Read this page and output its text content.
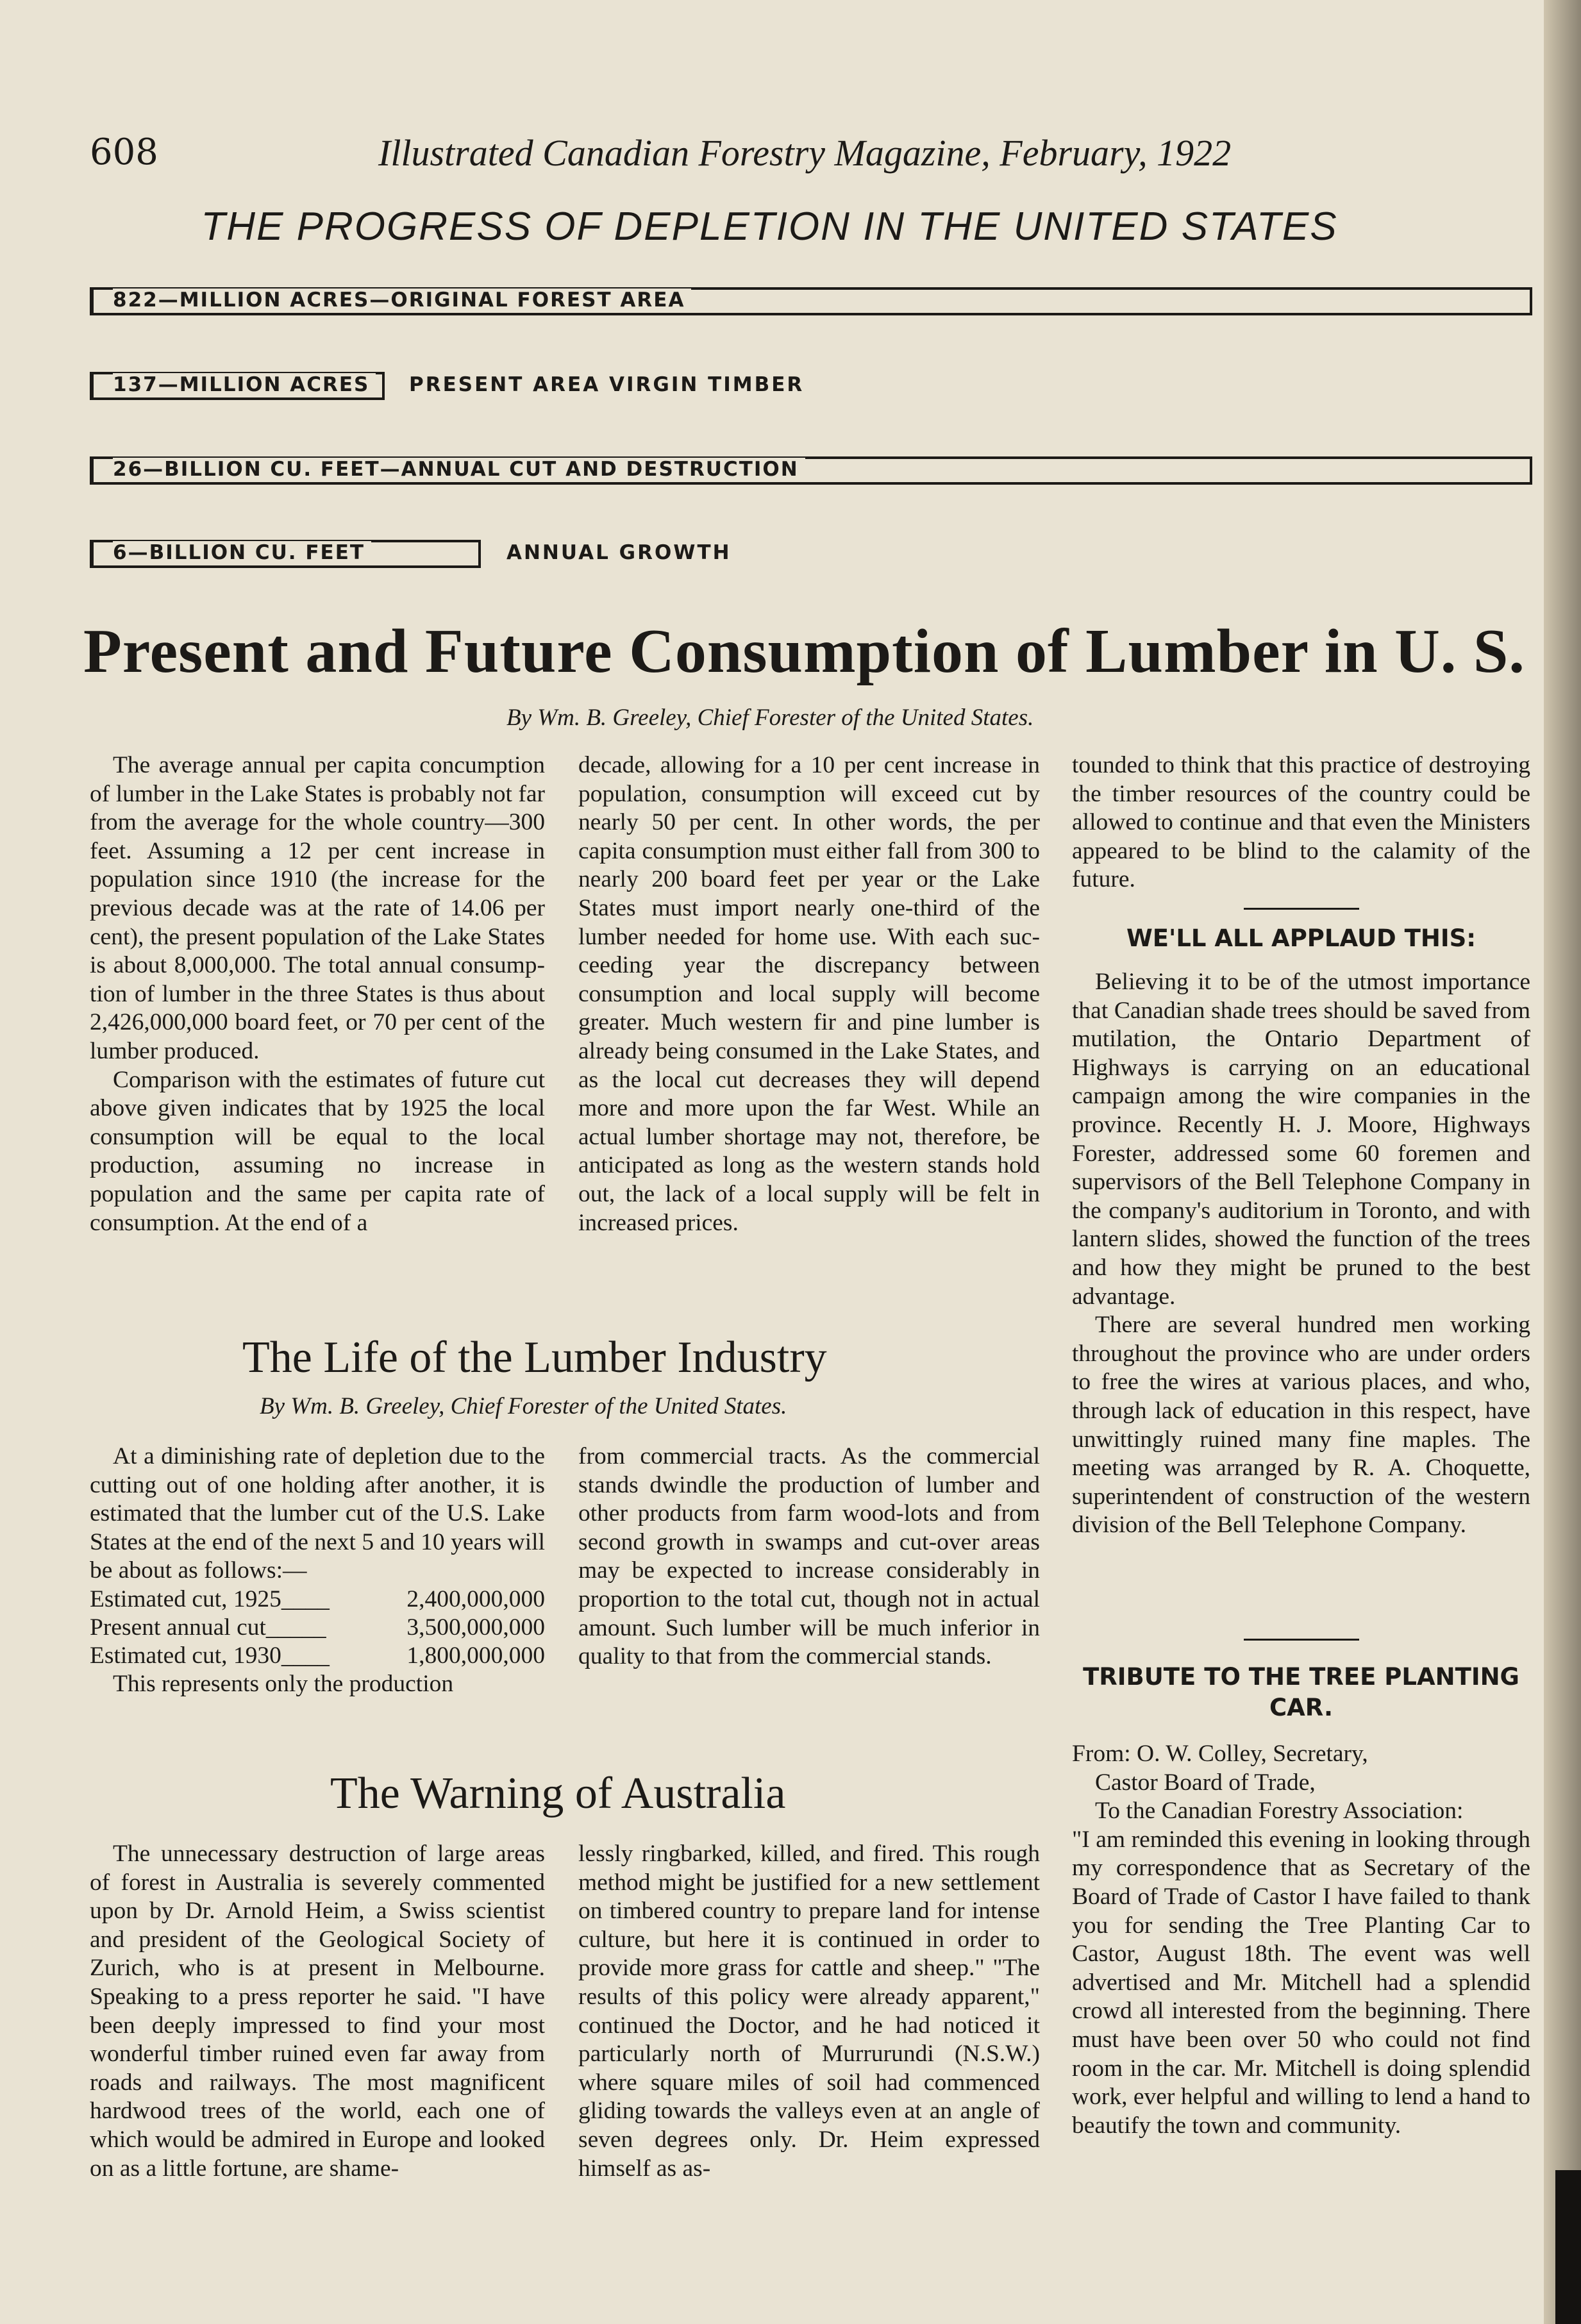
608	Illustrated Canadian Forestry Magazine, February, 1922
THE PROGRESS OF DEPLETION IN THE UNITED STATES
822—MILLION ACRES—ORIGINAL FOREST AREA
137—MILLION ACRES	PRESENT AREA VIRGIN TIMBER
26—BILLION CU. FEET—ANNUAL CUT AND DESTRUCTION
6—BILLION CU. FEET	ANNUAL GROWTH
Present and Future Consumption of Lumber in U. S.
By Wm. B. Greeley, Chief Forester of the United States.

The average annual per capita concumption of lumber in the Lake States is probably not far from the average for the whole country—300 feet. Assuming a 12 per cent increase in population since 1910 (the increase for the previous decade was at the rate of 14.06 per cent), the present population of the Lake States is about 8,000,000. The total annual consumption of lumber in the three States is thus about 2,426,000,000 board feet, or 70 per cent of the lumber produced.

Comparison with the estimates of future cut above given indicates that by 1925 the local consumption will be equal to the local production, assuming no increase in population and the same per capita rate of consumption. At the end of a

decade, allowing for a 10 per cent increase in population, consumption will exceed cut by nearly 50 per cent. In other words, the per capita consumption must either fall from 300 to nearly 200 board feet per year or the Lake States must import nearly one-third of the lumber needed for home use. With each succeeding year the discrepancy between consumption and local supply will become greater. Much western fir and pine lumber is already being consumed in the Lake States, and as the local cut decreases they will depend more and more upon the far West. While an actual lumber shortage may not, therefore, be anticipated as long as the western stands hold out, the lack of a local supply will be felt in increased prices.

The Life of the Lumber Industry
By Wm. B. Greeley, Chief Forester of the United States.

At a diminishing rate of depletion due to the cutting out of one holding after another, it is estimated that the lumber cut of the U.S. Lake States at the end of the next 5 and 10 years will be about as follows:—

Estimated cut, 1925____	2,400,000,000
Present annual cut_____	3,500,000,000
Estimated cut, 1930____	1,800,000,000

This represents only the production

from commercial tracts. As the commercial stands dwindle the production of lumber and other products from farm wood-lots and from second growth in swamps and cut-over areas may be expected to increase considerably in proportion to the total cut, though not in actual amount. Such lumber will be much inferior in quality to that from the commercial stands.

The Warning of Australia

The unnecessary destruction of large areas of forest in Australia is severely commented upon by Dr. Arnold Heim, a Swiss scientist and president of the Geological Society of Zurich, who is at present in Melbourne. Speaking to a press reporter he said. "I have been deeply impressed to find your most wonderful timber ruined even far away from roads and railways. The most magnificent hardwood trees of the world, each one of which would be admired in Europe and looked on as a little fortune, are shame-

lessly ringbarked, killed, and fired. This rough method might be justified for a new settlement on timbered country to prepare land for intense culture, but here it is continued in order to provide more grass for cattle and sheep." "The results of this policy were already apparent," continued the Doctor, and he had noticed it particularly north of Murrurundi (N.S.W.) where square miles of soil had commenced gliding towards the valleys even at an angle of seven degrees only. Dr. Heim expressed himself as as-

tounded to think that this practice of destroying the timber resources of the country could be allowed to continue and that even the Ministers appeared to be blind to the calamity of the future.

WE'LL ALL APPLAUD THIS:

Believing it to be of the utmost importance that Canadian shade trees should be saved from mutilation, the Ontario Department of Highways is carrying on an educational campaign among the wire companies in the province. Recently H. J. Moore, Highways Forester, addressed some 60 foremen and supervisors of the Bell Telephone Company in the company's auditorium in Toronto, and with lantern slides, showed the function of the trees and how they might be pruned to the best advantage.

There are several hundred men working throughout the province who are under orders to free the wires at various places, and who, through lack of education in this respect, have unwittingly ruined many fine maples. The meeting was arranged by R. A. Choquette, superintendent of construction of the western division of the Bell Telephone Company.

TRIBUTE TO THE TREE PLANTING CAR.

From: O. W. Colley, Secretary,

Castor Board of Trade,

To the Canadian Forestry Association:

"I am reminded this evening in looking through my correspondence that as Secretary of the Board of Trade of Castor I have failed to thank you for sending the Tree Planting Car to Castor, August 18th. The event was well advertised and Mr. Mitchell had a splendid crowd all interested from the beginning. There must have been over 50 who could not find room in the car. Mr. Mitchell is doing splendid work, ever helpful and willing to lend a hand to beautify the town and community.
